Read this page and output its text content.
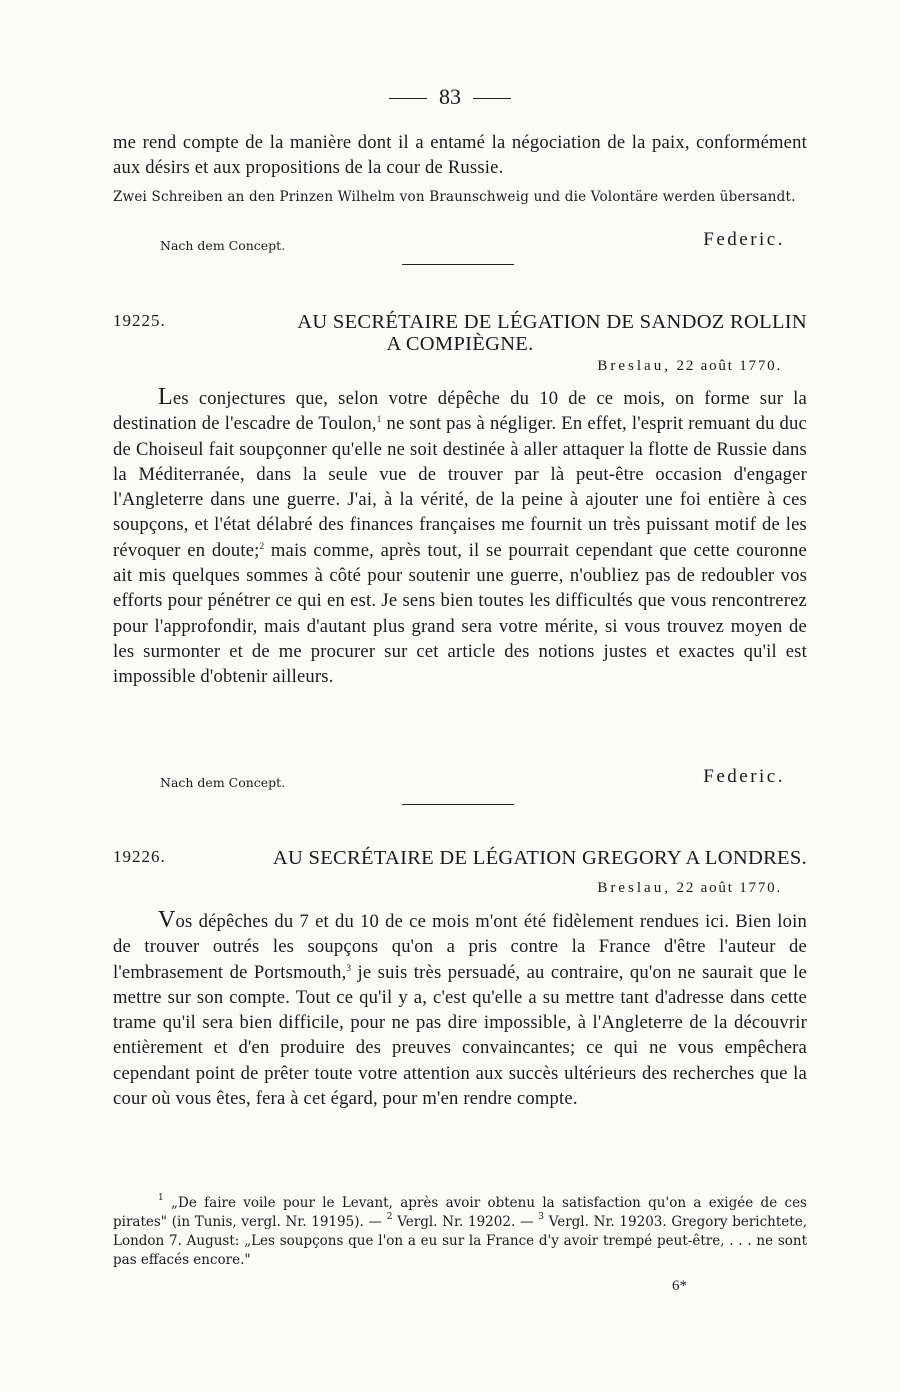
83
me rend compte de la manière dont il a entamé la négociation de la paix, conformément aux désirs et aux propositions de la cour de Russie.
Zwei Schreiben an den Prinzen Wilhelm von Braunschweig und die Volontäre werden übersandt.
Nach dem Concept.	Federic.
19225.	AU SECRÉTAIRE DE LÉGATION DE SANDOZ ROLLIN
A COMPIÈGNE.
Breslau, 22 août 1770.
Les conjectures que, selon votre dépêche du 10 de ce mois, on forme sur la destination de l'escadre de Toulon,$^1$ ne sont pas à négliger. En effet, l'esprit remuant du duc de Choiseul fait soupçonner qu'elle ne soit destinée à aller attaquer la flotte de Russie dans la Méditerranée, dans la seule vue de trouver par là peut-être occasion d'engager l'Angleterre dans une guerre. J'ai, à la vérité, de la peine à ajouter une foi entière à ces soupçons, et l'état délabré des finances françaises me fournit un très puissant motif de les révoquer en doute;$^2$ mais comme, après tout, il se pourrait cependant que cette couronne ait mis quelques sommes à côté pour soutenir une guerre, n'oubliez pas de redoubler vos efforts pour pénétrer ce qui en est. Je sens bien toutes les difficultés que vous rencontrerez pour l'approfondir, mais d'autant plus grand sera votre mérite, si vous trouvez moyen de les surmonter et de me procurer sur cet article des notions justes et exactes qu'il est impossible d'obtenir ailleurs.
Nach dem Concept.	Federic.
19226.	AU SECRÉTAIRE DE LÉGATION GREGORY A LONDRES.
Breslau, 22 août 1770.
Vos dépêches du 7 et du 10 de ce mois m'ont été fidèlement rendues ici. Bien loin de trouver outrés les soupçons qu'on a pris contre la France d'être l'auteur de l'embrasement de Portsmouth,$^3$ je suis très persuadé, au contraire, qu'on ne saurait que le mettre sur son compte. Tout ce qu'il y a, c'est qu'elle a su mettre tant d'adresse dans cette trame qu'il sera bien difficile, pour ne pas dire impossible, à l'Angleterre de la découvrir entièrement et d'en produire des preuves convaincantes; ce qui ne vous empêchera cependant point de prêter toute votre attention aux succès ultérieurs des recherches que la cour où vous êtes, fera à cet égard, pour m'en rendre compte.
$^1$ „De faire voile pour le Levant, après avoir obtenu la satisfaction qu'on a exigée de ces pirates" (in Tunis, vergl. Nr. 19195). — $^2$ Vergl. Nr. 19202. — $^3$ Vergl. Nr. 19203. Gregory berichtete, London 7. August: „Les soupçons que l'on a eu sur la France d'y avoir trempé peut-être, . . . ne sont pas effacés encore."
6*
